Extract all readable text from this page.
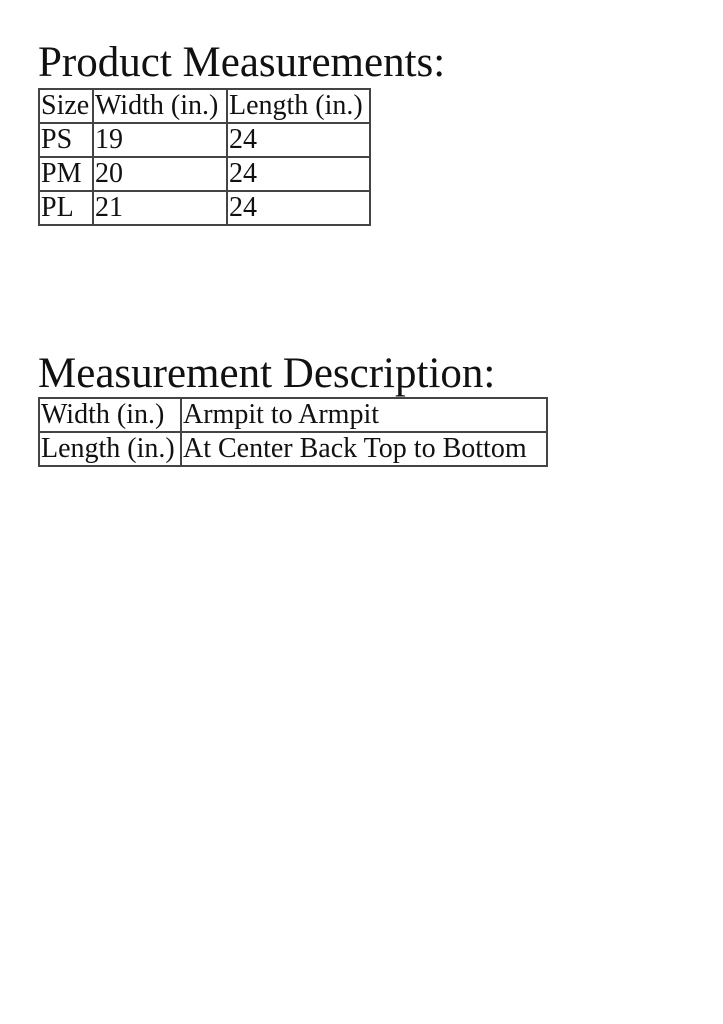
Product Measurements:
Size	Width (in.)	Length (in.)
PS	19	24
PM	20	24
PL	21	24
Measurement Description:
Width (in.)	Armpit to Armpit
Length (in.)	At Center Back Top to Bottom
